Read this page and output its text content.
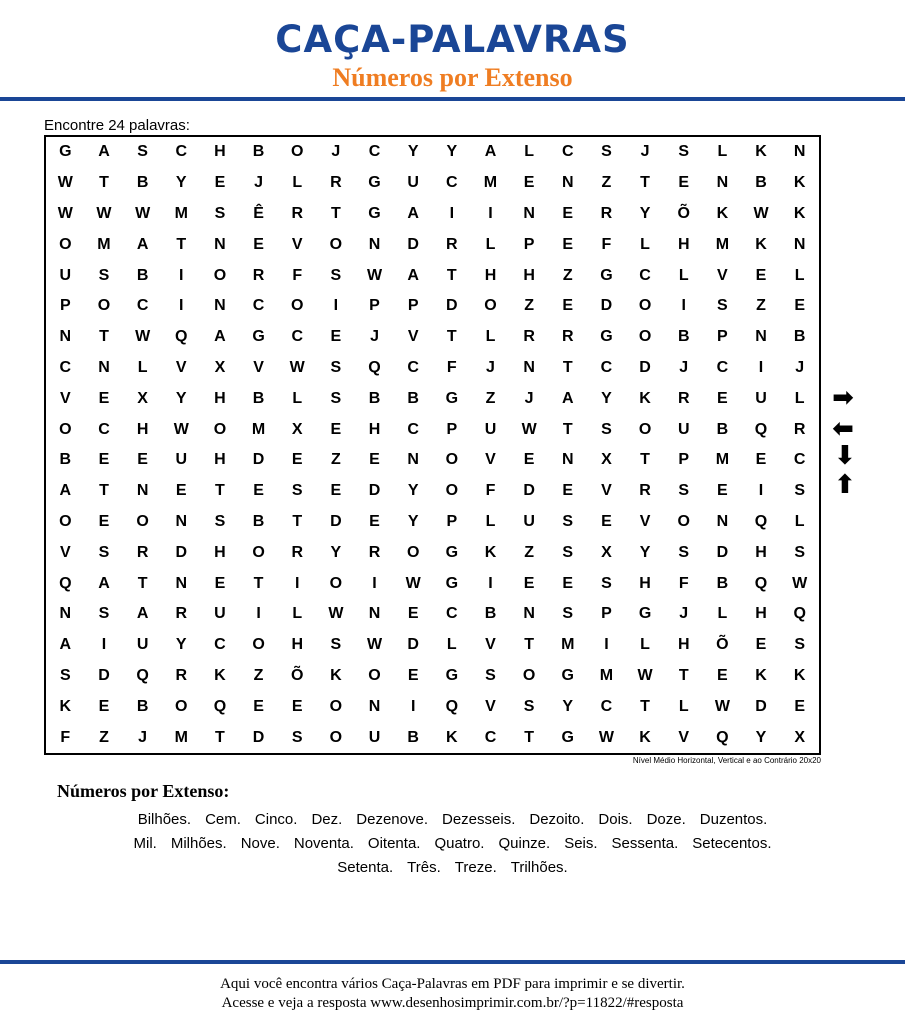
CAÇA-PALAVRAS
Números por Extenso
Encontre 24 palavras:
G	A	S	C	H	B	O	J	C	Y	Y	A	L	C	S	J	S	L	K	N
W	T	B	Y	E	J	L	R	G	U	C	M	E	N	Z	T	E	N	B	K
W	W	W	M	S	Ê	R	T	G	A	I	I	N	E	R	Y	Õ	K	W	K
O	M	A	T	N	E	V	O	N	D	R	L	P	E	F	L	H	M	K	N
U	S	B	I	O	R	F	S	W	A	T	H	H	Z	G	C	L	V	E	L
P	O	C	I	N	C	O	I	P	P	D	O	Z	E	D	O	I	S	Z	E
N	T	W	Q	A	G	C	E	J	V	T	L	R	R	G	O	B	P	N	B
C	N	L	V	X	V	W	S	Q	C	F	J	N	T	C	D	J	C	I	J
V	E	X	Y	H	B	L	S	B	B	G	Z	J	A	Y	K	R	E	U	L
O	C	H	W	O	M	X	E	H	C	P	U	W	T	S	O	U	B	Q	R
B	E	E	U	H	D	E	Z	E	N	O	V	E	N	X	T	P	M	E	C
A	T	N	E	T	E	S	E	D	Y	O	F	D	E	V	R	S	E	I	S
O	E	O	N	S	B	T	D	E	Y	P	L	U	S	E	V	O	N	Q	L
V	S	R	D	H	O	R	Y	R	O	G	K	Z	S	X	Y	S	D	H	S
Q	A	T	N	E	T	I	O	I	W	G	I	E	E	S	H	F	B	Q	W
N	S	A	R	U	I	L	W	N	E	C	B	N	S	P	G	J	L	H	Q
A	I	U	Y	C	O	H	S	W	D	L	V	T	M	I	L	H	Õ	E	S
S	D	Q	R	K	Z	Õ	K	O	E	G	S	O	G	M	W	T	E	K	K
K	E	B	O	Q	E	E	O	N	I	Q	V	S	Y	C	T	L	W	D	E
F	Z	J	M	T	D	S	O	U	B	K	C	T	G	W	K	V	Q	Y	X
Nível Médio Horizontal, Vertical e ao Contrário 20x20
➡
⬅
⬇
⬆
Números por Extenso:
Bilhões. Cem. Cinco. Dez. Dezenove. Dezesseis. Dezoito. Dois. Doze. Duzentos.
Mil. Milhões. Nove. Noventa. Oitenta. Quatro. Quinze. Seis. Sessenta. Setecentos.
Setenta. Três. Treze. Trilhões.
Aqui você encontra vários Caça-Palavras em PDF para imprimir e se divertir.
Acesse e veja a resposta www.desenhosimprimir.com.br/?p=11822/#resposta
